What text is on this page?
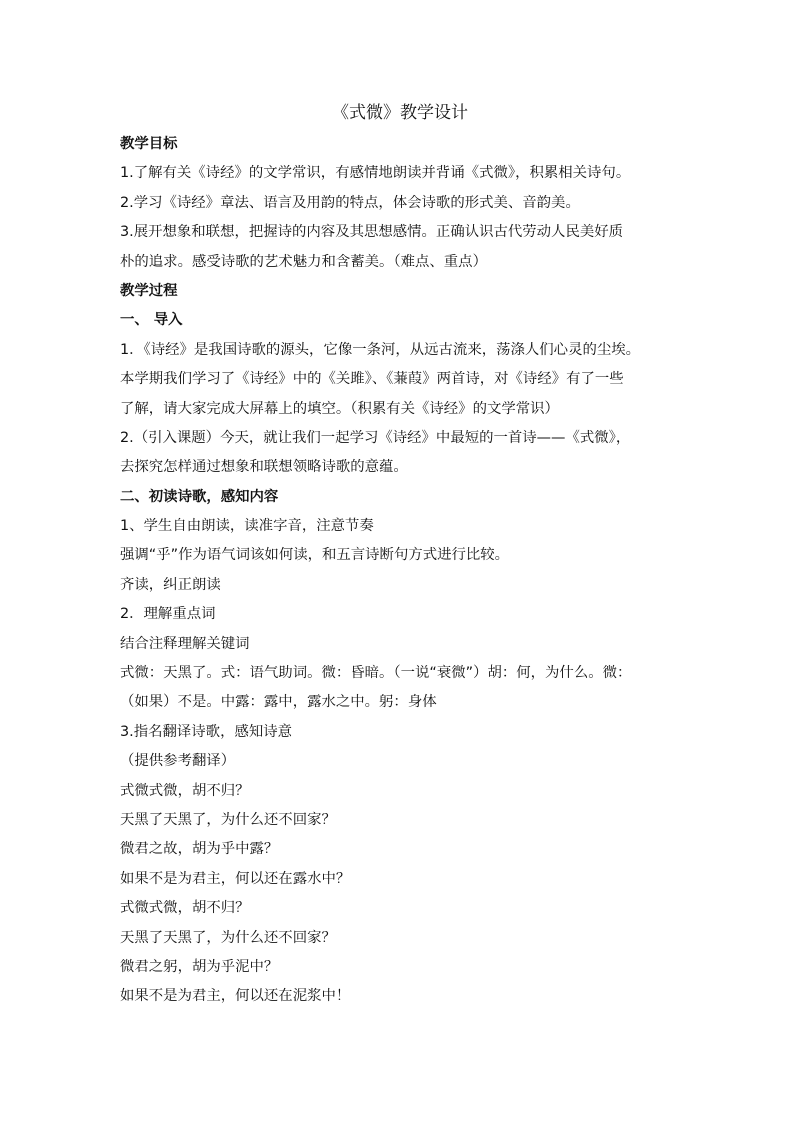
《式微》教学设计

教学目标

1.了解有关《诗经》的文学常识，有感情地朗读并背诵《式微》，积累相关诗句。

2.学习《诗经》章法、语言及用韵的特点，体会诗歌的形式美、音韵美。

3.展开想象和联想，把握诗的内容及其思想感情。正确认识古代劳动人民美好质

朴的追求。感受诗歌的艺术魅力和含蓄美。（难点、重点）

教学过程

一、 导入

1．《诗经》是我国诗歌的源头，它像一条河，从远古流来，荡涤人们心灵的尘埃。

本学期我们学习了《诗经》中的《关雎》、《蒹葭》两首诗，对《诗经》有了一些

了解，请大家完成大屏幕上的填空。（积累有关《诗经》的文学常识）

2.（引入课题）今天，就让我们一起学习《诗经》中最短的一首诗——《式微》，

去探究怎样通过想象和联想领略诗歌的意蕴。

二、初读诗歌，感知内容

1、学生自由朗读，读准字音，注意节奏

强调“乎”作为语气词该如何读，和五言诗断句方式进行比较。

齐读，纠正朗读

2．理解重点词

结合注释理解关键词

式微：天黑了。式：语气助词。微：昏暗。（一说“衰微”）胡：何，为什么。微：

（如果）不是。中露：露中，露水之中。躬：身体

3.指名翻译诗歌，感知诗意

（提供参考翻译）

式微式微，胡不归？

天黑了天黑了，为什么还不回家？

微君之故，胡为乎中露？

如果不是为君主，何以还在露水中？

式微式微，胡不归？

天黑了天黑了，为什么还不回家？

微君之躬，胡为乎泥中？

如果不是为君主，何以还在泥浆中！
